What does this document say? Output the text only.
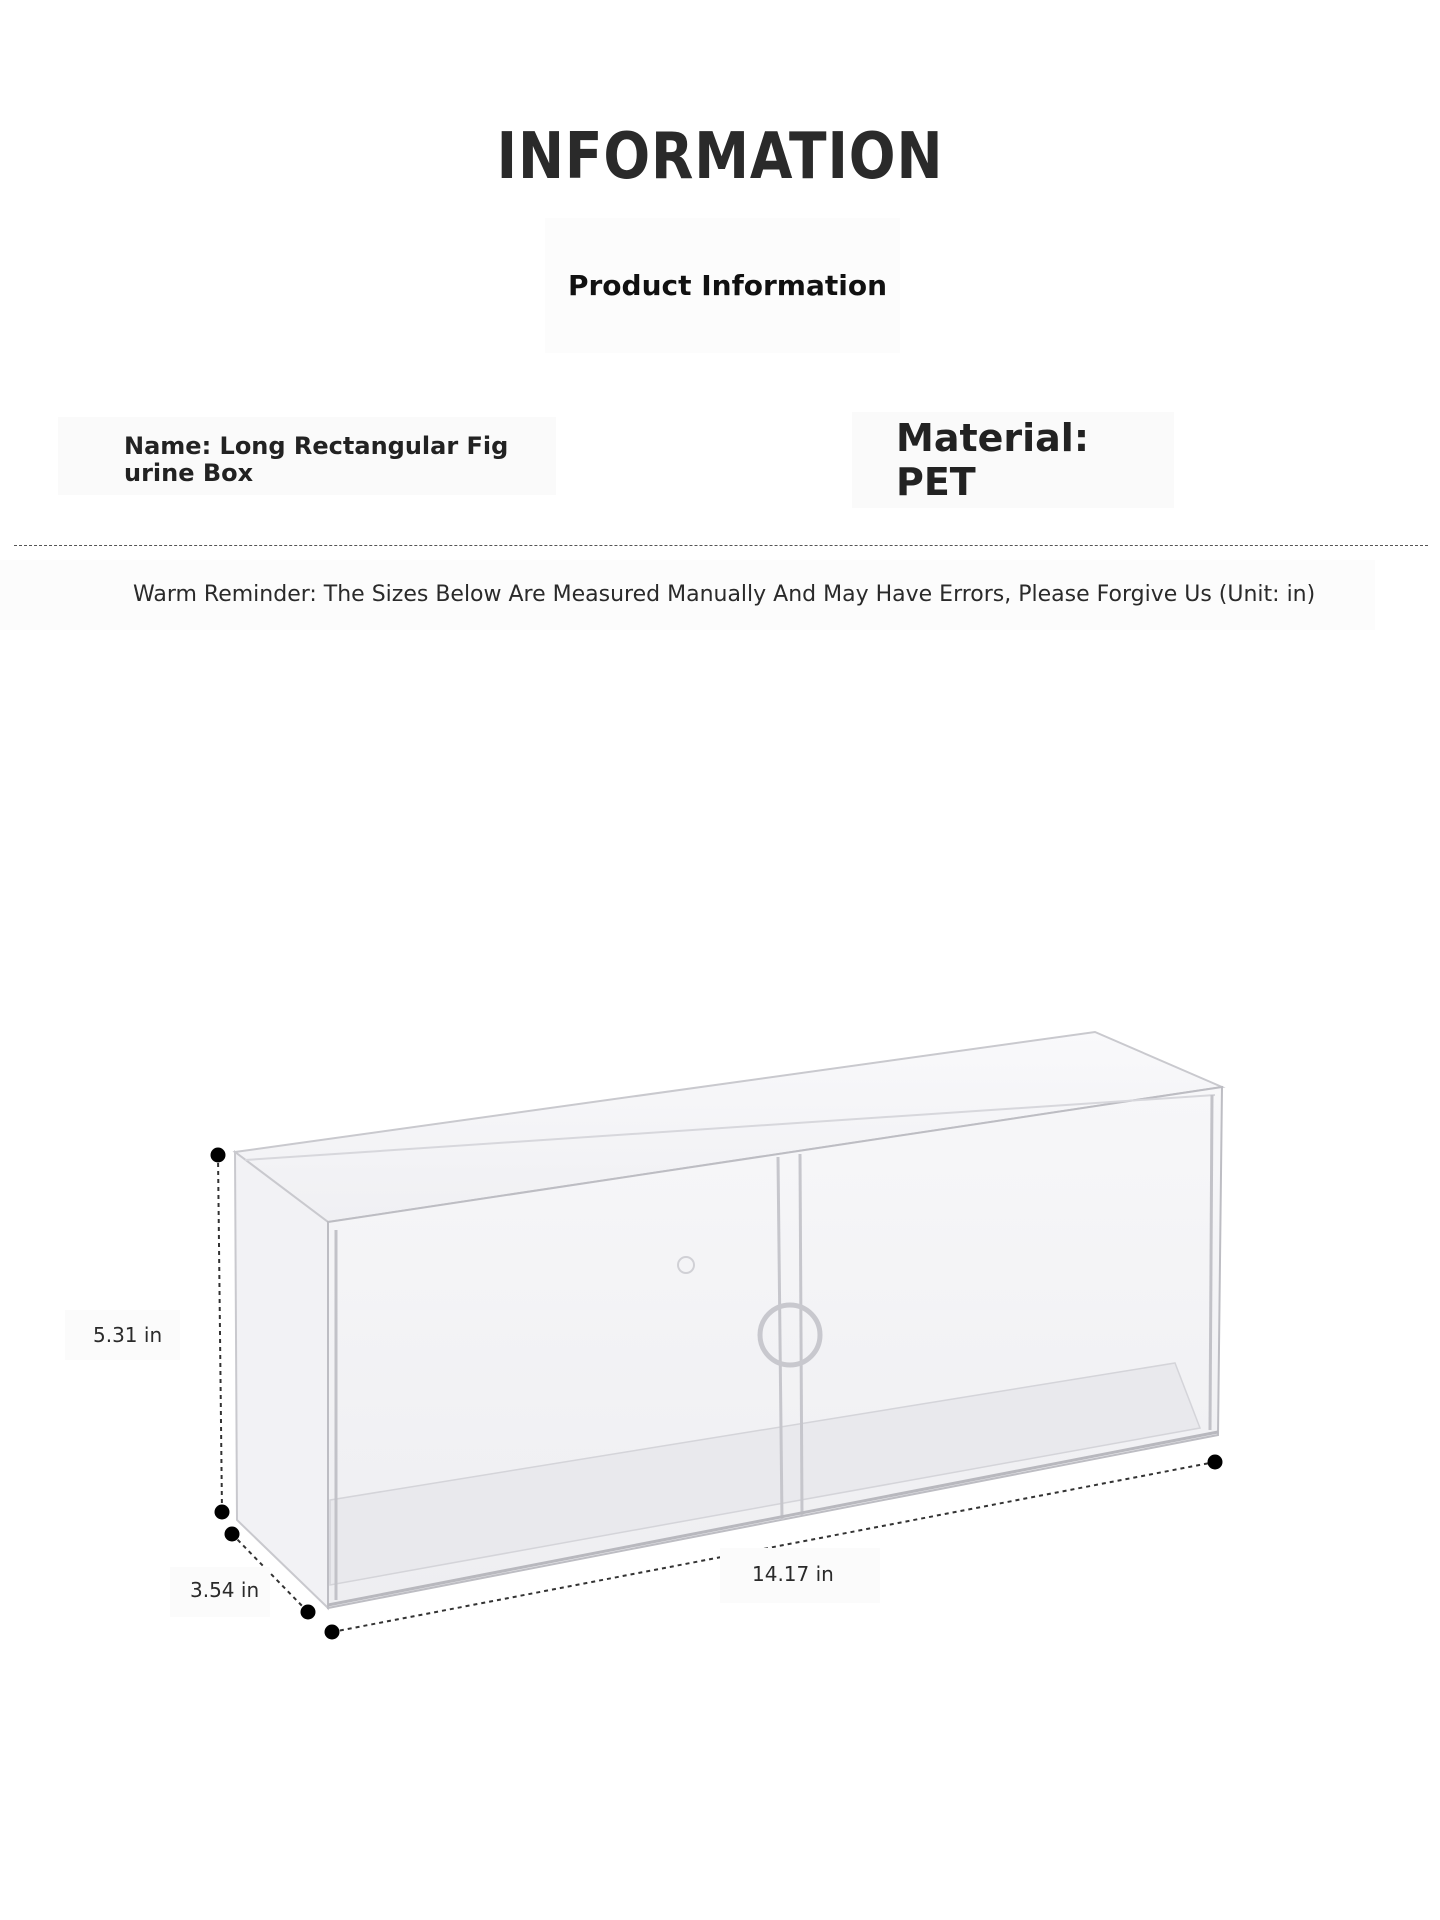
INFORMATION
Product Information
Name: Long Rectangular Figurine Box
Material: PET
Warm Reminder: The Sizes Below Are Measured Manually And May Have Errors, Please Forgive Us (Unit: in)
5.31 in
3.54 in
14.17 in
